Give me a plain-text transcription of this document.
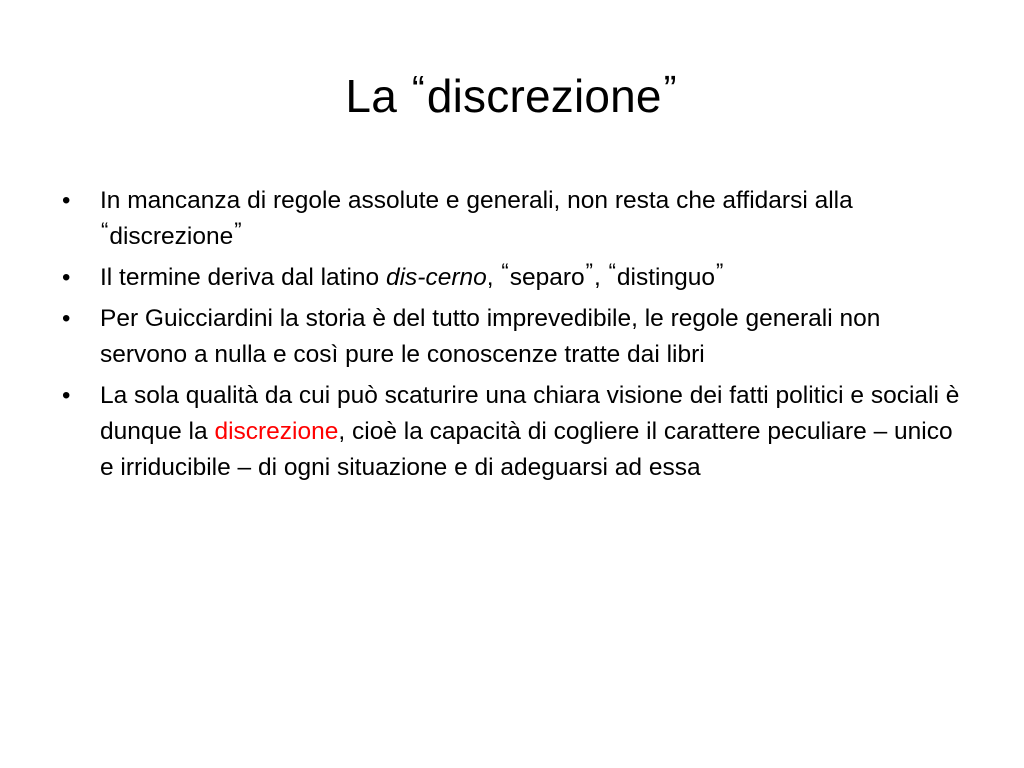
La “discrezione”
•	In mancanza di regole assolute e generali, non resta che affidarsi alla “discrezione”
•	Il termine deriva dal latino dis-cerno, “separo”, “distinguo”
•	Per Guicciardini la storia è del tutto imprevedibile, le regole generali non servono a nulla e così pure le conoscenze tratte dai libri
•	La sola qualità da cui può scaturire una chiara visione dei fatti politici e sociali è dunque la discrezione, cioè la capacità di cogliere il carattere peculiare – unico e irriducibile – di ogni situazione e di adeguarsi ad essa
